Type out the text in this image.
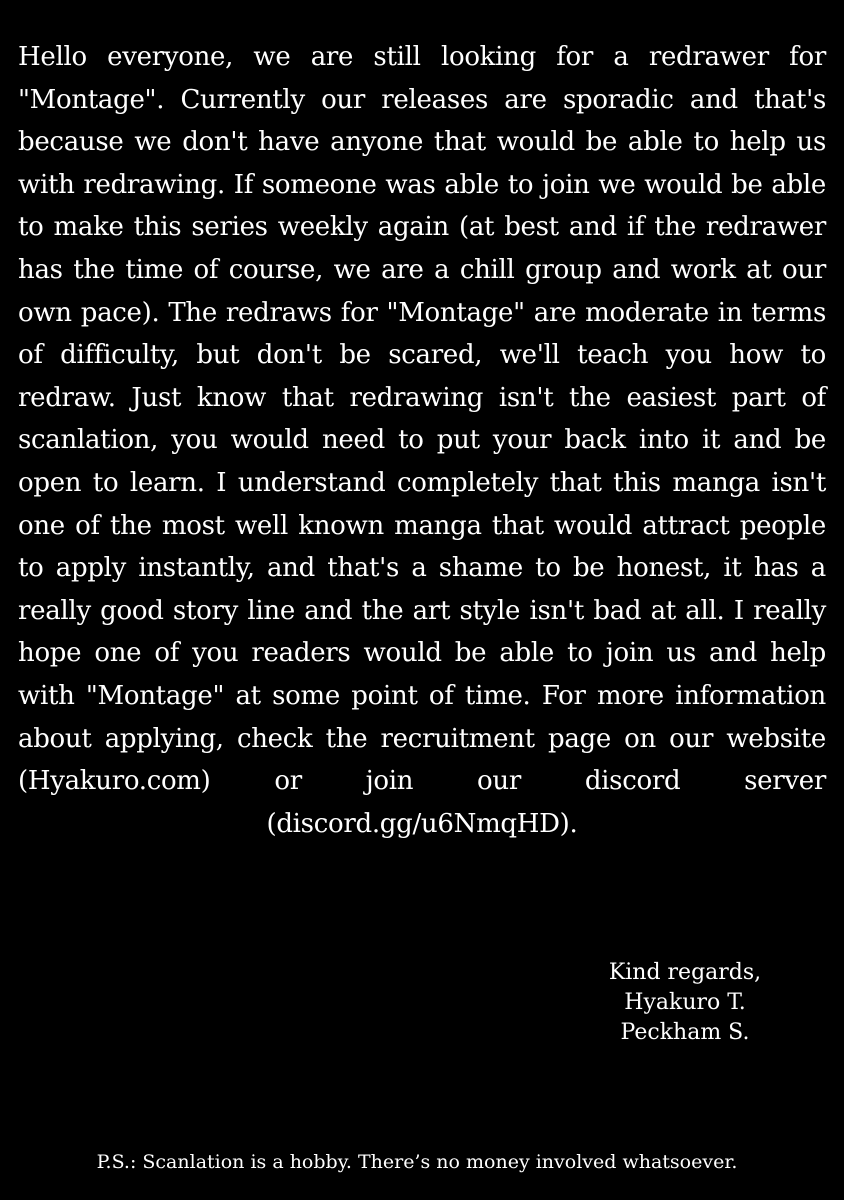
Hello everyone, we are still looking for a redrawer for "Montage". Currently our releases are sporadic and that's because we don't have anyone that would be able to help us with redrawing. If someone was able to join we would be able to make this series weekly again (at best and if the redrawer has the time of course, we are a chill group and work at our own pace). The redraws for "Montage" are moderate in terms of difficulty, but don't be scared, we'll teach you how to redraw. Just know that redrawing isn't the easiest part of scanlation, you would need to put your back into it and be open to learn. I understand completely that this manga isn't one of the most well known manga that would attract people to apply instantly, and that's a shame to be honest, it has a really good story line and the art style isn't bad at all. I really hope one of you readers would be able to join us and help with "Montage" at some point of time. For more information about applying, check the recruitment page on our website (Hyakuro.com) or join our discord server (discord.gg/u6NmqHD).

Kind regards,
Hyakuro T.
Peckham S.
P.S.: Scanlation is a hobby. There’s no money involved whatsoever.
